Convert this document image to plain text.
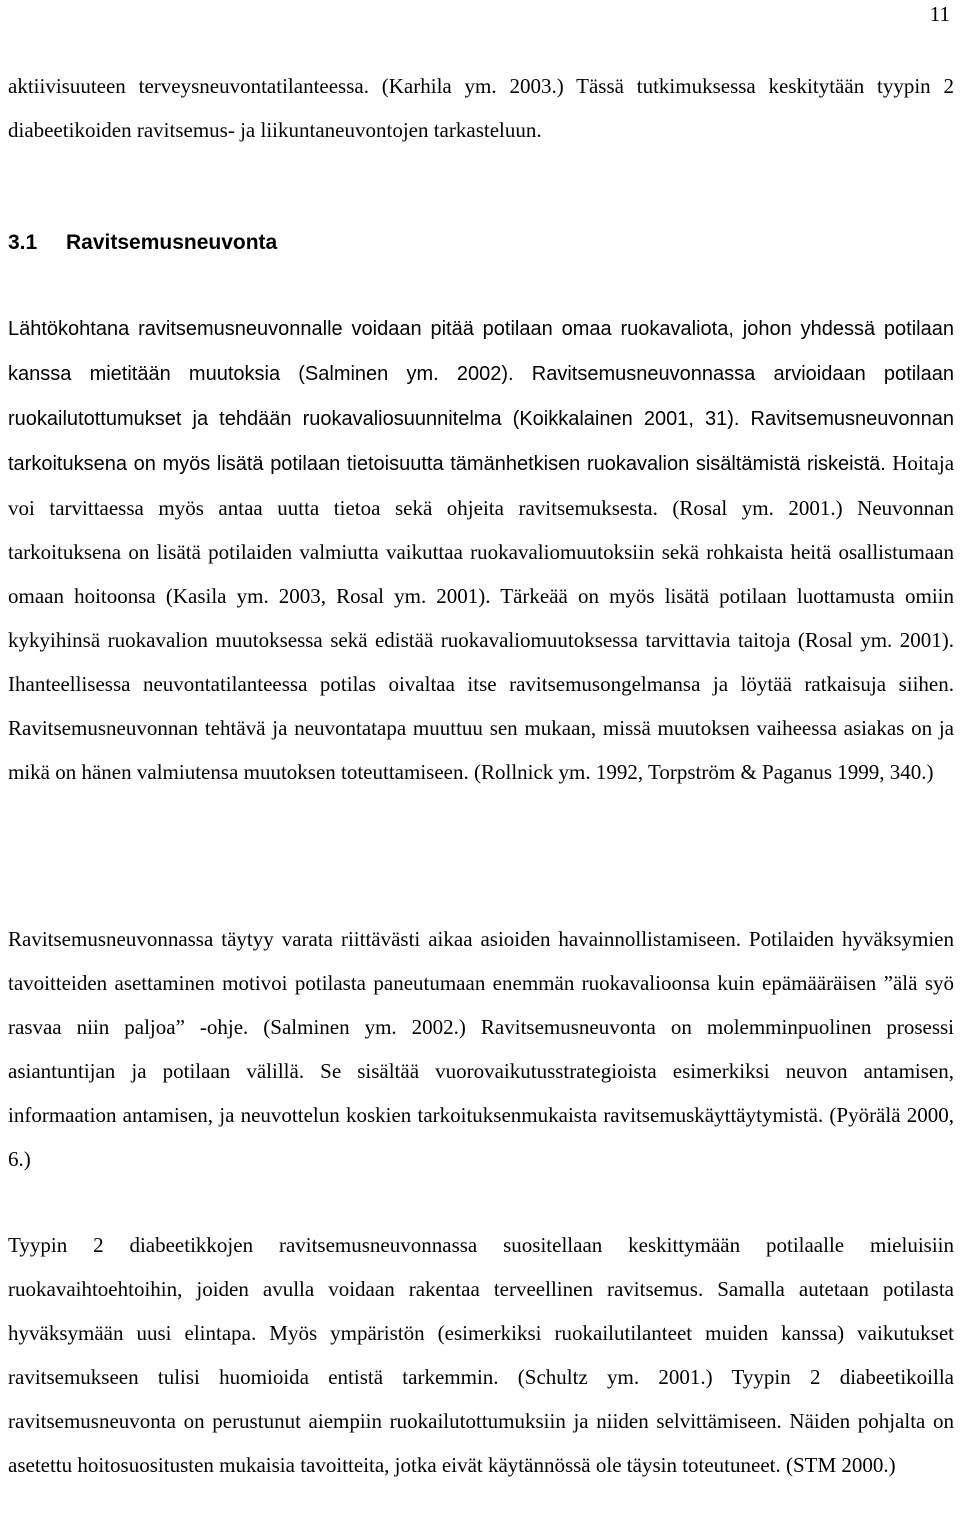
11

aktiivisuuteen terveysneuvontatilanteessa. (Karhila ym. 2003.) Tässä tutkimuksessa keskitytään tyypin 2 diabeetikoiden ravitsemus- ja liikuntaneuvontojen tarkasteluun.

3.1 Ravitsemusneuvonta

Lähtökohtana ravitsemusneuvonnalle voidaan pitää potilaan omaa ruokavaliota, johon yhdessä potilaan kanssa mietitään muutoksia (Salminen ym. 2002). Ravitsemusneuvonnassa arvioidaan potilaan ruokailutottumukset ja tehdään ruokavaliosuunnitelma (Koikkalainen 2001, 31). Ravitsemusneuvonnan tarkoituksena on myös lisätä potilaan tietoisuutta tämänhetkisen ruokavalion sisältämistä riskeistä. Hoitaja voi tarvittaessa myös antaa uutta tietoa sekä ohjeita ravitsemuksesta. (Rosal ym. 2001.) Neuvonnan tarkoituksena on lisätä potilaiden valmiutta vaikuttaa ruokavaliomuutoksiin sekä rohkaista heitä osallistumaan omaan hoitoonsa (Kasila ym. 2003, Rosal ym. 2001). Tärkeää on myös lisätä potilaan luottamusta omiin kykyihinsä ruokavalion muutoksessa sekä edistää ruokavaliomuutoksessa tarvittavia taitoja (Rosal ym. 2001). Ihanteellisessa neuvontatilanteessa potilas oivaltaa itse ravitsemusongelmansa ja löytää ratkaisuja siihen. Ravitsemusneuvonnan tehtävä ja neuvontatapa muuttuu sen mukaan, missä muutoksen vaiheessa asiakas on ja mikä on hänen valmiutensa muutoksen toteuttamiseen. (Rollnick ym. 1992, Torpström & Paganus 1999, 340.)

Ravitsemusneuvonnassa täytyy varata riittävästi aikaa asioiden havainnollistamiseen. Potilaiden hyväksymien tavoitteiden asettaminen motivoi potilasta paneutumaan enemmän ruokavalioonsa kuin epämääräisen ”älä syö rasvaa niin paljoa” -ohje. (Salminen ym. 2002.) Ravitsemusneuvonta on molemminpuolinen prosessi asiantuntijan ja potilaan välillä. Se sisältää vuorovaikutusstrategioista esimerkiksi neuvon antamisen, informaation antamisen, ja neuvottelun koskien tarkoituksenmukaista ravitsemuskäyttäytymistä. (Pyörälä 2000, 6.)

Tyypin 2 diabeetikkojen ravitsemusneuvonnassa suositellaan keskittymään potilaalle mieluisiin ruokavaihtoehtoihin, joiden avulla voidaan rakentaa terveellinen ravitsemus. Samalla autetaan potilasta hyväksymään uusi elintapa. Myös ympäristön (esimerkiksi ruokailutilanteet muiden kanssa) vaikutukset ravitsemukseen tulisi huomioida entistä tarkemmin. (Schultz ym. 2001.) Tyypin 2 diabeetikoilla ravitsemusneuvonta on perustunut aiempiin ruokailutottumuksiin ja niiden selvittämiseen. Näiden pohjalta on asetettu hoitosuositusten mukaisia tavoitteita, jotka eivät käytännössä ole täysin toteutuneet. (STM 2000.)
